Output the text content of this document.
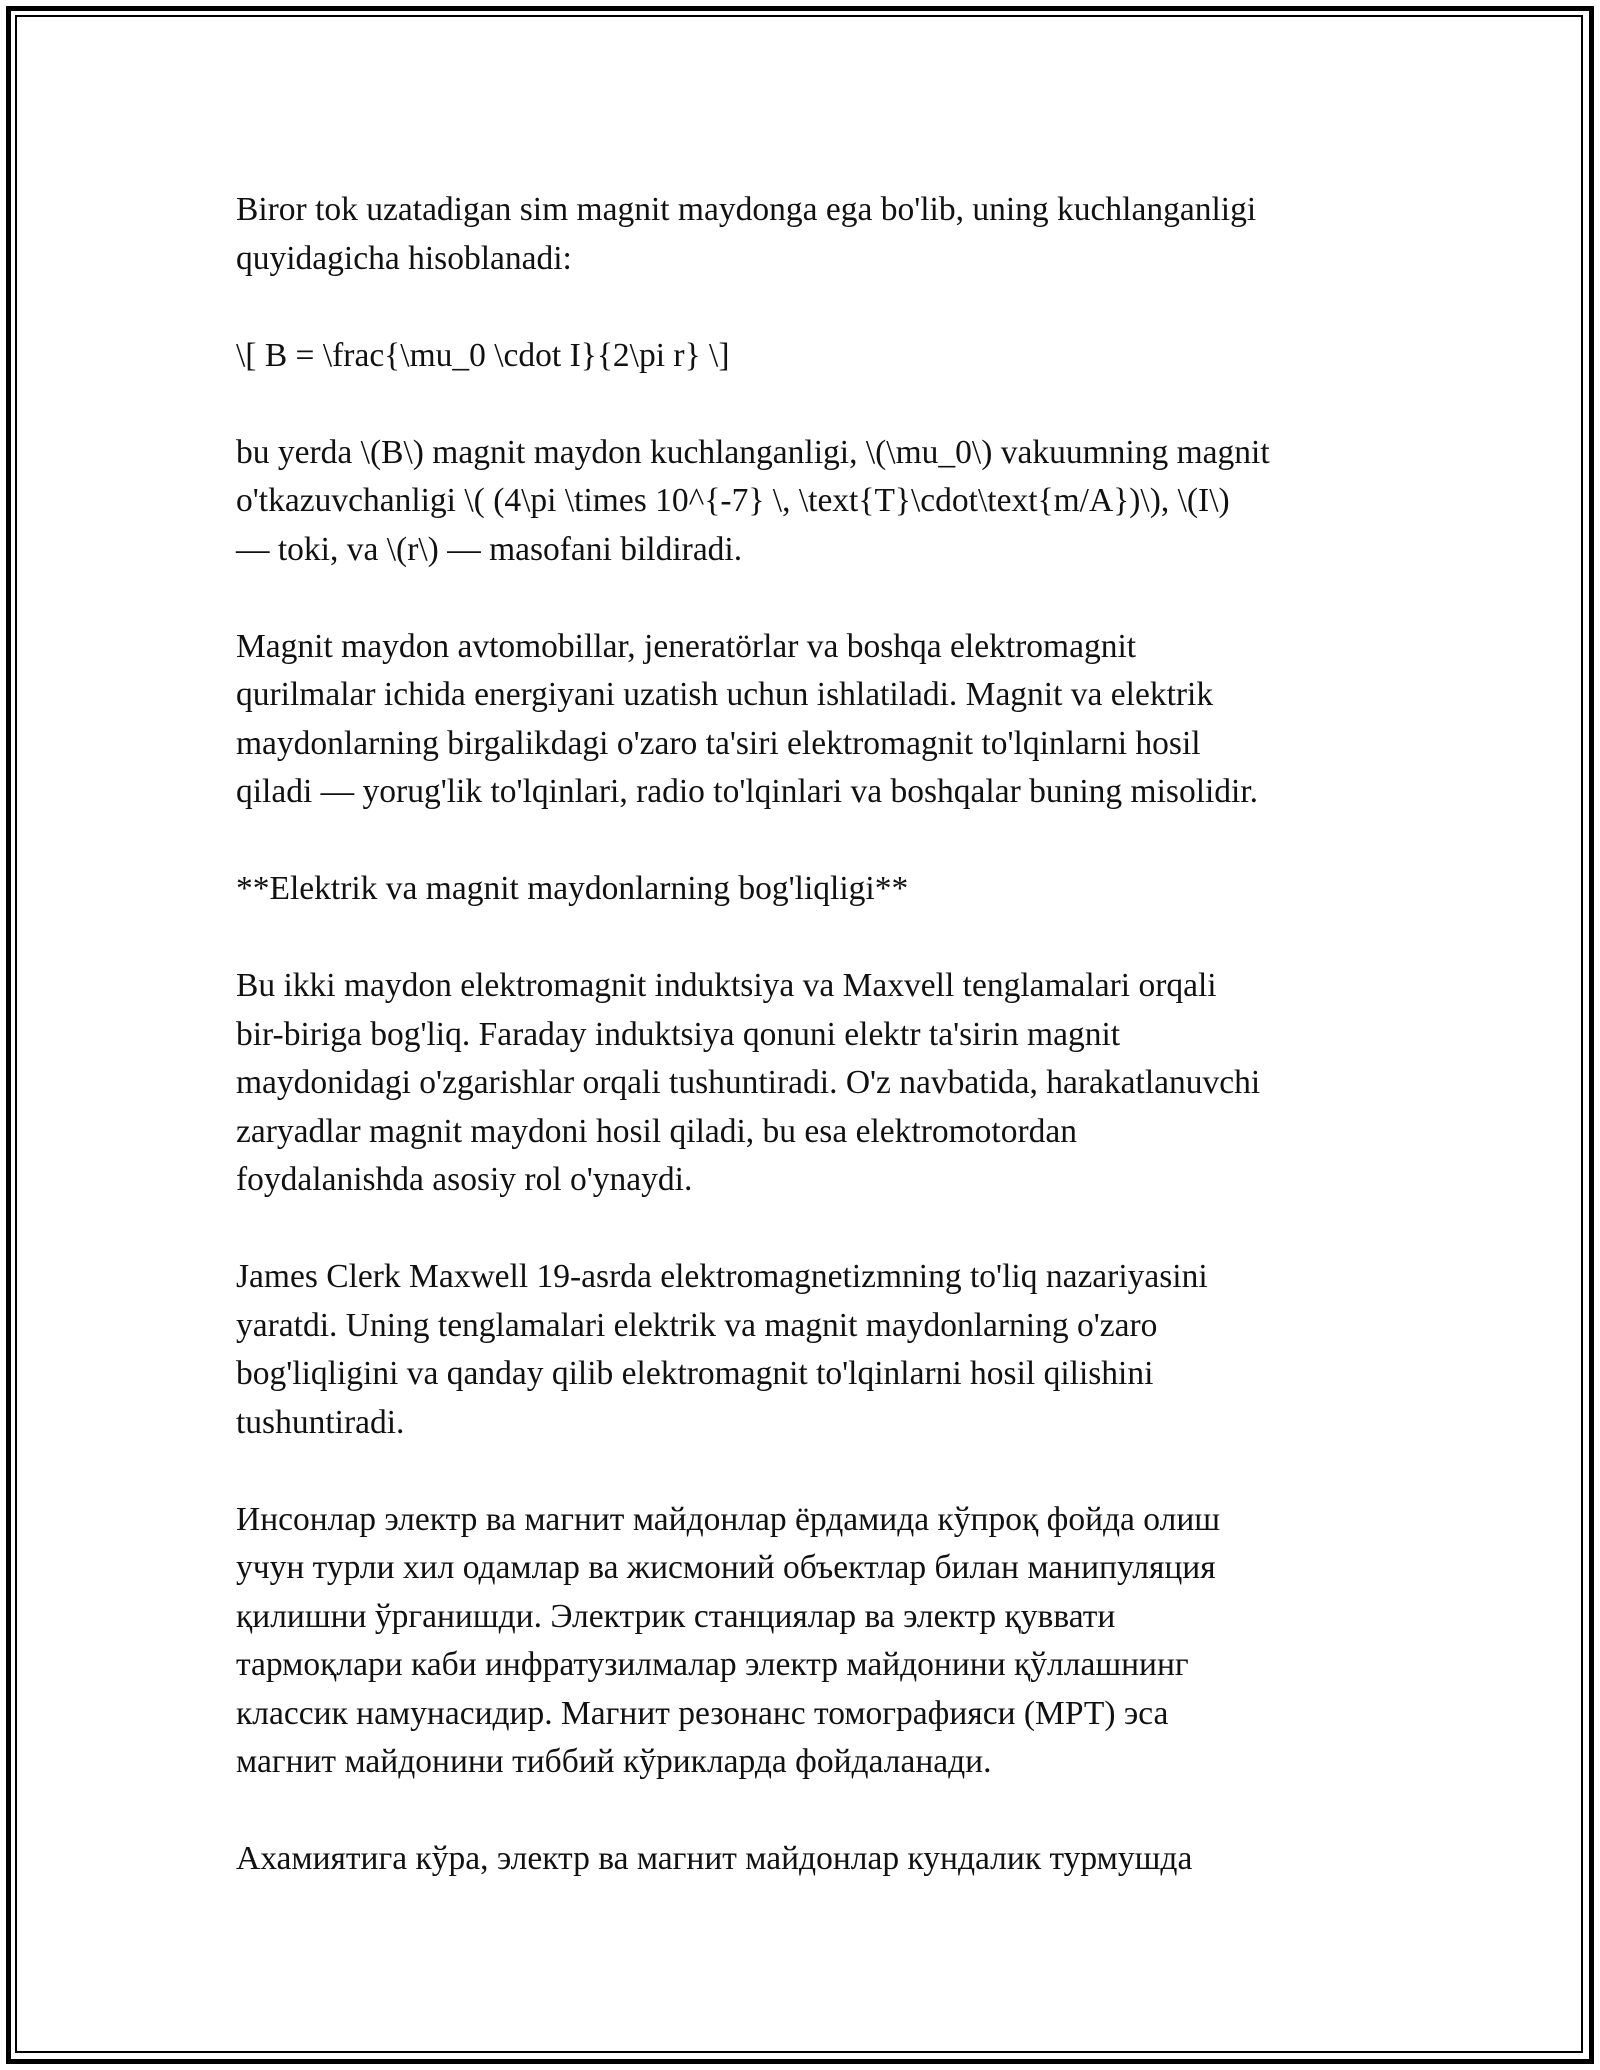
Biror tok uzatadigan sim magnit maydonga ega bo'lib, uning kuchlanganligi
quyidagicha hisoblanadi:

\[ B = \frac{\mu_0 \cdot I}{2\pi r} \]

bu yerda \(B\) magnit maydon kuchlanganligi, \(\mu_0\) vakuumning magnit
o'tkazuvchanligi \( (4\pi \times 10^{-7} \, \text{T}\cdot\text{m/A})\), \(I\)
— toki, va \(r\) — masofani bildiradi.

Magnit maydon avtomobillar, jeneratörlar va boshqa elektromagnit
qurilmalar ichida energiyani uzatish uchun ishlatiladi. Magnit va elektrik
maydonlarning birgalikdagi o'zaro ta'siri elektromagnit to'lqinlarni hosil
qiladi — yorug'lik to'lqinlari, radio to'lqinlari va boshqalar buning misolidir.

**Elektrik va magnit maydonlarning bog'liqligi**

Bu ikki maydon elektromagnit induktsiya va Maxvell tenglamalari orqali
bir-biriga bog'liq. Faraday induktsiya qonuni elektr ta'sirin magnit
maydonidagi o'zgarishlar orqali tushuntiradi. O'z navbatida, harakatlanuvchi
zaryadlar magnit maydoni hosil qiladi, bu esa elektromotordan
foydalanishda asosiy rol o'ynaydi.

James Clerk Maxwell 19-asrda elektromagnetizmning to'liq nazariyasini
yaratdi. Uning tenglamalari elektrik va magnit maydonlarning o'zaro
bog'liqligini va qanday qilib elektromagnit to'lqinlarni hosil qilishini
tushuntiradi.

Инсонлар электр ва магнит майдонлар ёрдамида кўпроқ фойда олиш
учун турли хил одамлар ва жисмоний объектлар билан манипуляция
қилишни ўрганишди. Электрик станциялар ва электр қуввати
тармоқлари каби инфратузилмалар электр майдонини қўллашнинг
классик намунасидир. Магнит резонанс томографияси (МРТ) эса
магнит майдонини тиббий кўрикларда фойдаланади.

Ахамиятига кўра, электр ва магнит майдонлар кундалик турмушда
